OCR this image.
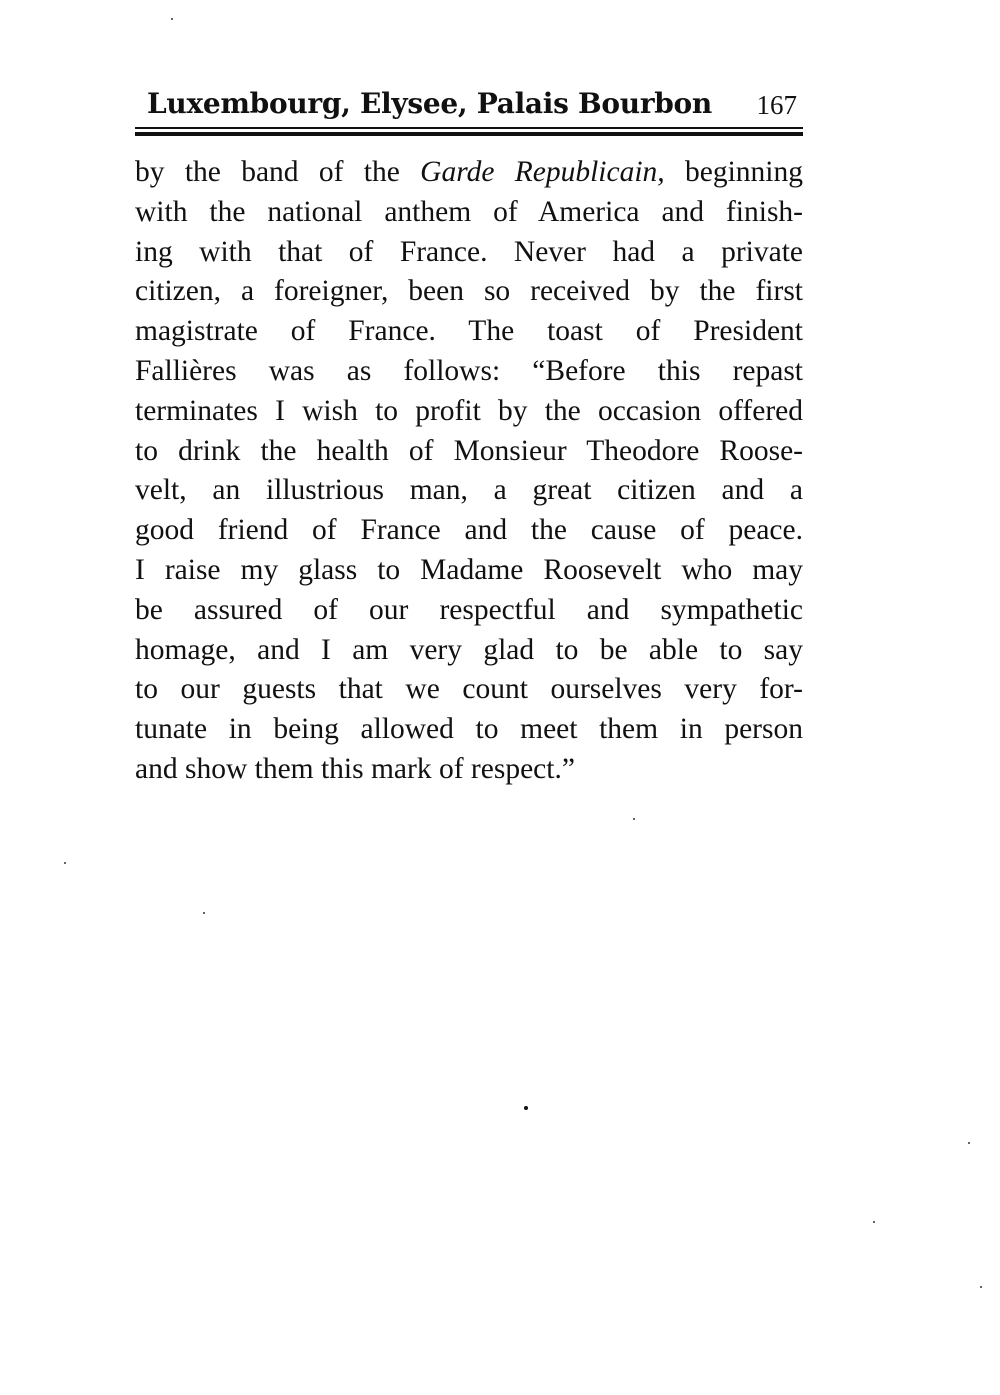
Luxembourg, Elysee, Palais Bourbon 167
by the band of the Garde Republicain, beginning
with the national anthem of America and finish-
ing with that of France. Never had a private
citizen, a foreigner, been so received by the first
magistrate of France. The toast of President
Fallières was as follows: “Before this repast
terminates I wish to profit by the occasion offered
to drink the health of Monsieur Theodore Roose-
velt, an illustrious man, a great citizen and a
good friend of France and the cause of peace.
I raise my glass to Madame Roosevelt who may
be assured of our respectful and sympathetic
homage, and I am very glad to be able to say
to our guests that we count ourselves very for-
tunate in being allowed to meet them in person
and show them this mark of respect.”
